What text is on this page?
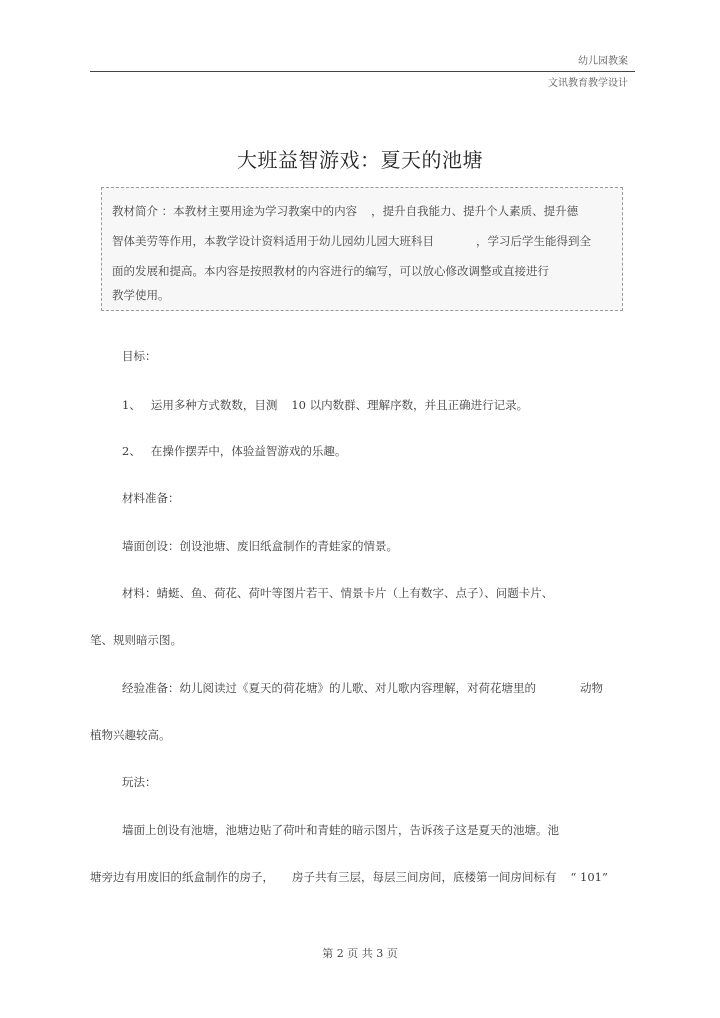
幼儿园教案
文讯教育教学设计
大班益智游戏：夏天的池塘

教材简介 ：本教材主要用途为学习教案中的内容 ，提升自我能力、提升个人素质、提升德

智体美劳等作用，本教学设计资料适用于幼儿园幼儿园大班科目	，学习后学生能得到全

面的发展和提高。本内容是按照教材的内容进行的编写，可以放心修改调整或直接进行

教学使用。

目标：
1、 运用多种方式数数，目测 10 以内数群、理解序数，并且正确进行记录。
2、 在操作摆弄中，体验益智游戏的乐趣。
材料准备：
墙面创设：创设池塘、废旧纸盒制作的青蛙家的情景。
材料：蜻蜓、鱼、荷花、荷叶等图片若干、情景卡片（上有数字、点子）、问题卡片、
笔、规则暗示图。
经验准备：幼儿阅读过《夏天的荷花塘》的儿歌、对儿歌内容理解，对荷花塘里的	动物
植物兴趣较高。
玩法：
墙面上创设有池塘，池塘边贴了荷叶和青蛙的暗示图片，告诉孩子这是夏天的池塘。池
塘旁边有用废旧的纸盒制作的房子， 房子共有三层，每层三间房间，底楼第一间房间标有 “ 101”
第 2 页 共 3 页
